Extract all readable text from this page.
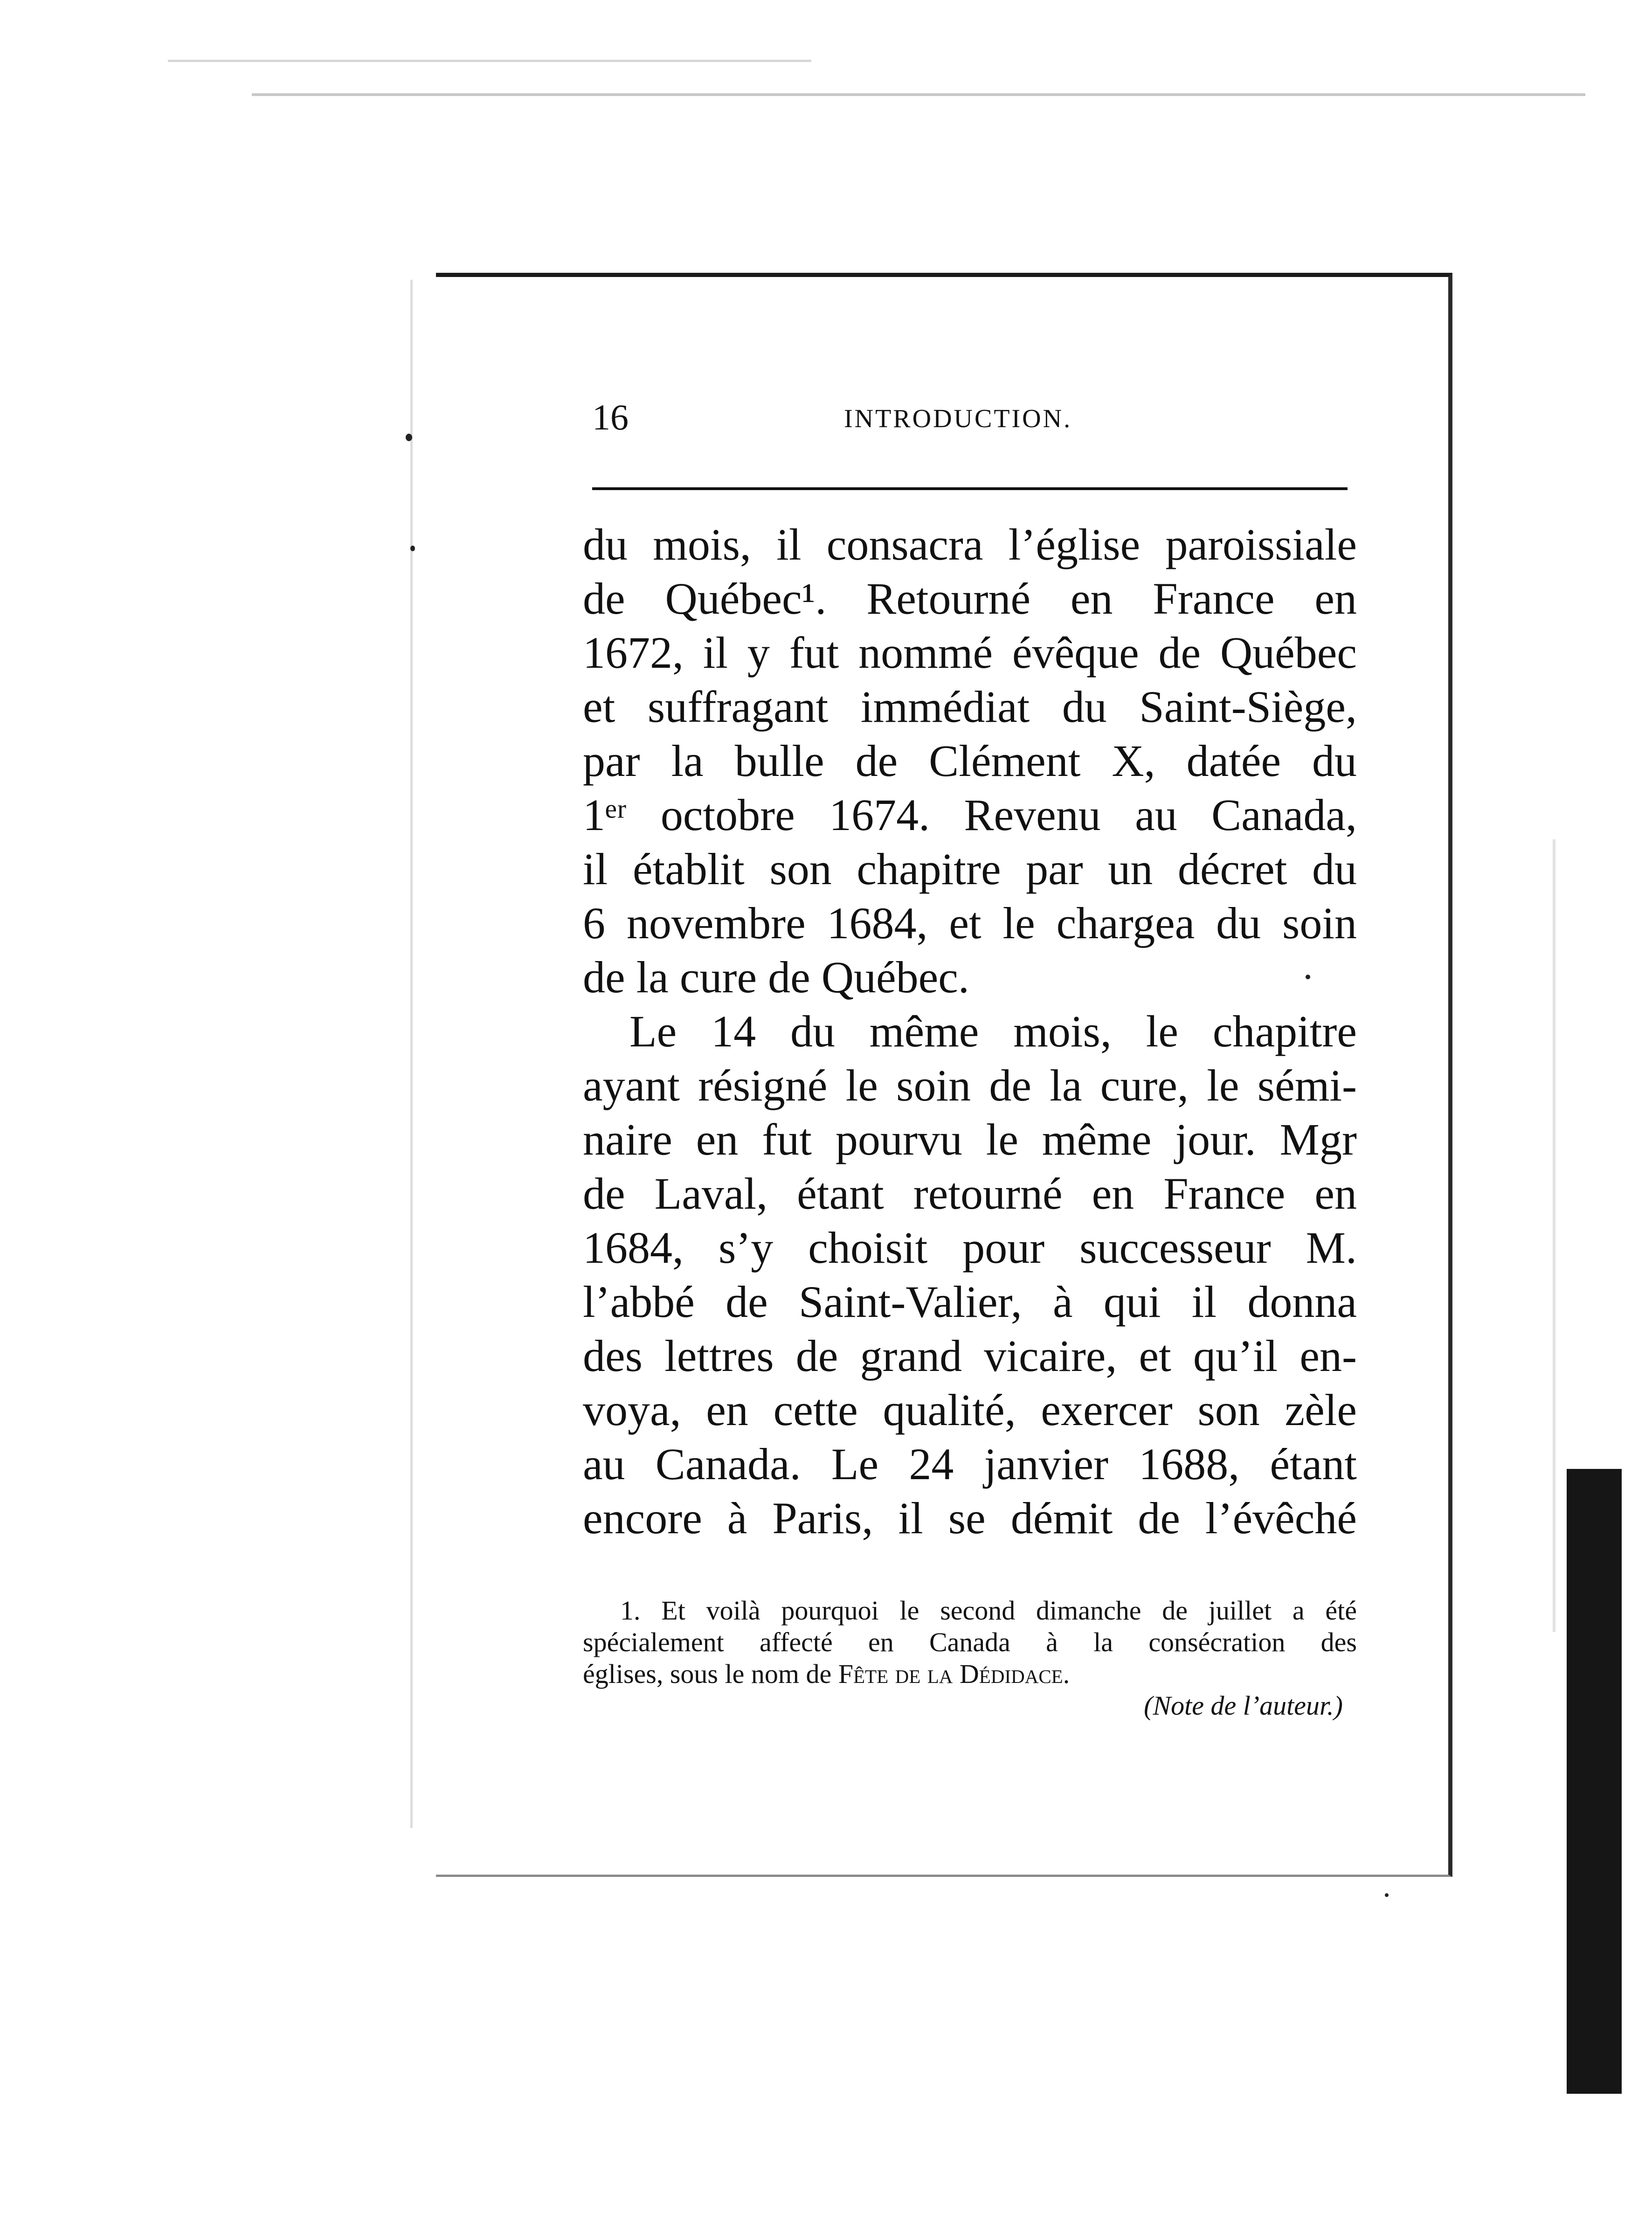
16	INTRODUCTION.
du mois, il consacra l’église paroissiale
de Québec¹. Retourné en France en
1672, il y fut nommé évêque de Québec
et suffragant immédiat du Saint-Siège,
par la bulle de Clément X, datée du
1ᵉʳ octobre 1674. Revenu au Canada,
il établit son chapitre par un décret du
6 novembre 1684, et le chargea du soin
de la cure de Québec.
Le 14 du même mois, le chapitre
ayant résigné le soin de la cure, le sémi-
naire en fut pourvu le même jour. Mgr
de Laval, étant retourné en France en
1684, s’y choisit pour successeur M.
l’abbé de Saint-Valier, à qui il donna
des lettres de grand vicaire, et qu’il en-
voya, en cette qualité, exercer son zèle
au Canada. Le 24 janvier 1688, étant
encore à Paris, il se démit de l’évêché
1. Et voilà pourquoi le second dimanche de juillet a été
spécialement affecté en Canada à la consécration des
églises, sous le nom de Fête de la Dédidace.
(Note de l’auteur.)
